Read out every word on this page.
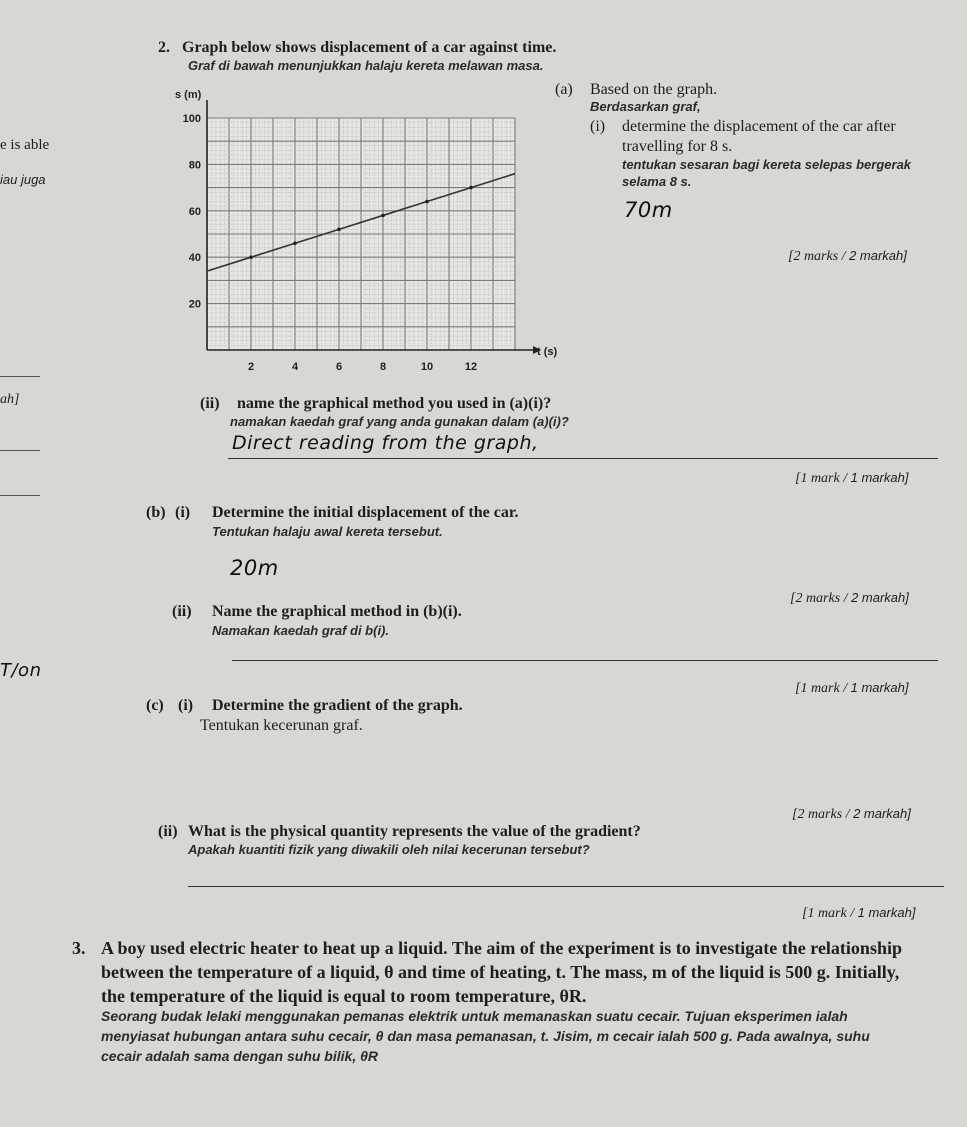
e is able
iau juga
ah]
T/on
2. Graph below shows displacement of a car against time.
Graf di bawah menunjukkan halaju kereta melawan masa.
s (m)
t (s)
2	4	6	8	10	12
20
40
60
80
100
(a) Based on the graph.
Berdasarkan graf,
(i) determine the displacement of the car after
travelling for 8 s.
tentukan sesaran bagi kereta selepas bergerak
selama 8 s.
70m
[2 marks / 2 markah]
(ii) name the graphical method you used in (a)(i)?
namakan kaedah graf yang anda gunakan dalam (a)(i)?
Direct reading from the graph,
[1 mark / 1 markah]
(b) (i) Determine the initial displacement of the car.
Tentukan halaju awal kereta tersebut.
20m
[2 marks / 2 markah]
(ii) Name the graphical method in (b)(i).
Namakan kaedah graf di b(i).
[1 mark / 1 markah]
(c) (i) Determine the gradient of the graph.
Tentukan kecerunan graf.
[2 marks / 2 markah]
(ii) What is the physical quantity represents the value of the gradient?
Apakah kuantiti fizik yang diwakili oleh nilai kecerunan tersebut?
[1 mark / 1 markah]
3. A boy used electric heater to heat up a liquid. The aim of the experiment is to investigate the relationship
between the temperature of a liquid, θ and time of heating, t. The mass, m of the liquid is 500 g. Initially,
the temperature of the liquid is equal to room temperature, θR.
Seorang budak lelaki menggunakan pemanas elektrik untuk memanaskan suatu cecair. Tujuan eksperimen ialah
menyiasat hubungan antara suhu cecair, θ dan masa pemanasan, t. Jisim, m cecair ialah 500 g. Pada awalnya, suhu
cecair adalah sama dengan suhu bilik, θR
